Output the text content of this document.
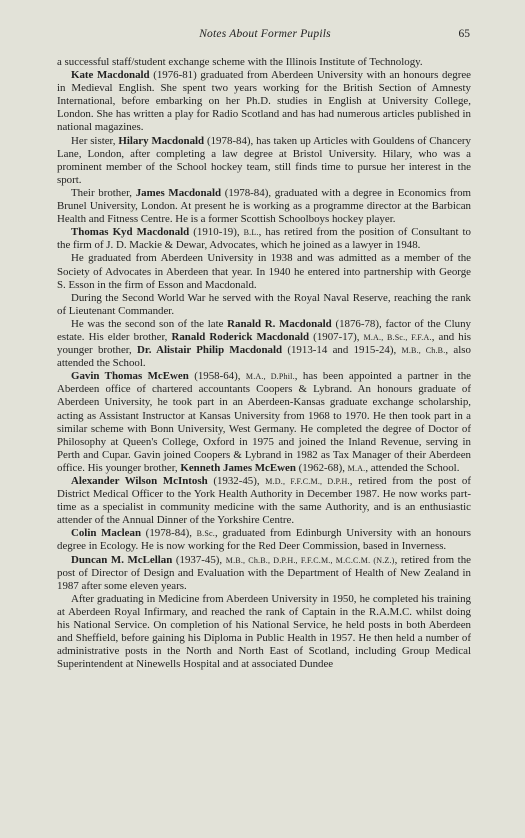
Notes About Former Pupils	65

a successful staff/student exchange scheme with the Illinois Institute of Technology.

Kate Macdonald (1976-81) graduated from Aberdeen University with an honours degree in Medieval English. She spent two years working for the British Section of Amnesty International, before embarking on her Ph.D. studies in English at University College, London. She has written a play for Radio Scotland and has had numerous articles published in national magazines.

Her sister, Hilary Macdonald (1978-84), has taken up Articles with Gouldens of Chancery Lane, London, after completing a law degree at Bristol University. Hilary, who was a prominent member of the School hockey team, still finds time to pursue her interest in the sport.

Their brother, James Macdonald (1978-84), graduated with a degree in Economics from Brunel University, London. At present he is working as a programme director at the Barbican Health and Fitness Centre. He is a former Scottish Schoolboys hockey player.

Thomas Kyd Macdonald (1910-19), B.L., has retired from the position of Consultant to the firm of J. D. Mackie & Dewar, Advocates, which he joined as a lawyer in 1948.

He graduated from Aberdeen University in 1938 and was admitted as a member of the Society of Advocates in Aberdeen that year. In 1940 he entered into partnership with George S. Esson in the firm of Esson and Macdonald.

During the Second World War he served with the Royal Naval Reserve, reaching the rank of Lieutenant Commander.

He was the second son of the late Ranald R. Macdonald (1876-78), factor of the Cluny estate. His elder brother, Ranald Roderick Macdonald (1907-17), M.A., B.Sc., F.F.A., and his younger brother, Dr. Alistair Philip Macdonald (1913-14 and 1915-24), M.B., Ch.B., also attended the School.

Gavin Thomas McEwen (1958-64), M.A., D.Phil., has been appointed a partner in the Aberdeen office of chartered accountants Coopers & Lybrand. An honours graduate of Aberdeen University, he took part in an Aberdeen-Kansas graduate exchange scholarship, acting as Assistant Instructor at Kansas University from 1968 to 1970. He then took part in a similar scheme with Bonn University, West Germany. He completed the degree of Doctor of Philosophy at Queen's College, Oxford in 1975 and joined the Inland Revenue, serving in Perth and Cupar. Gavin joined Coopers & Lybrand in 1982 as Tax Manager of their Aberdeen office. His younger brother, Kenneth James McEwen (1962-68), M.A., attended the School.

Alexander Wilson McIntosh (1932-45), M.D., F.F.C.M., D.P.H., retired from the post of District Medical Officer to the York Health Authority in December 1987. He now works part-time as a specialist in community medicine with the same Authority, and is an enthusiastic attender of the Annual Dinner of the Yorkshire Centre.

Colin Maclean (1978-84), B.Sc., graduated from Edinburgh University with an honours degree in Ecology. He is now working for the Red Deer Commission, based in Inverness.

Duncan M. McLellan (1937-45), M.B., Ch.B., D.P.H., F.F.C.M., M.C.C.M. (N.Z.), retired from the post of Director of Design and Evaluation with the Department of Health of New Zealand in 1987 after some eleven years.

After graduating in Medicine from Aberdeen University in 1950, he completed his training at Aberdeen Royal Infirmary, and reached the rank of Captain in the R.A.M.C. whilst doing his National Service. On completion of his National Service, he held posts in both Aberdeen and Sheffield, before gaining his Diploma in Public Health in 1957. He then held a number of administrative posts in the North and North East of Scotland, including Group Medical Superintendent at Ninewells Hospital and at associated Dundee
